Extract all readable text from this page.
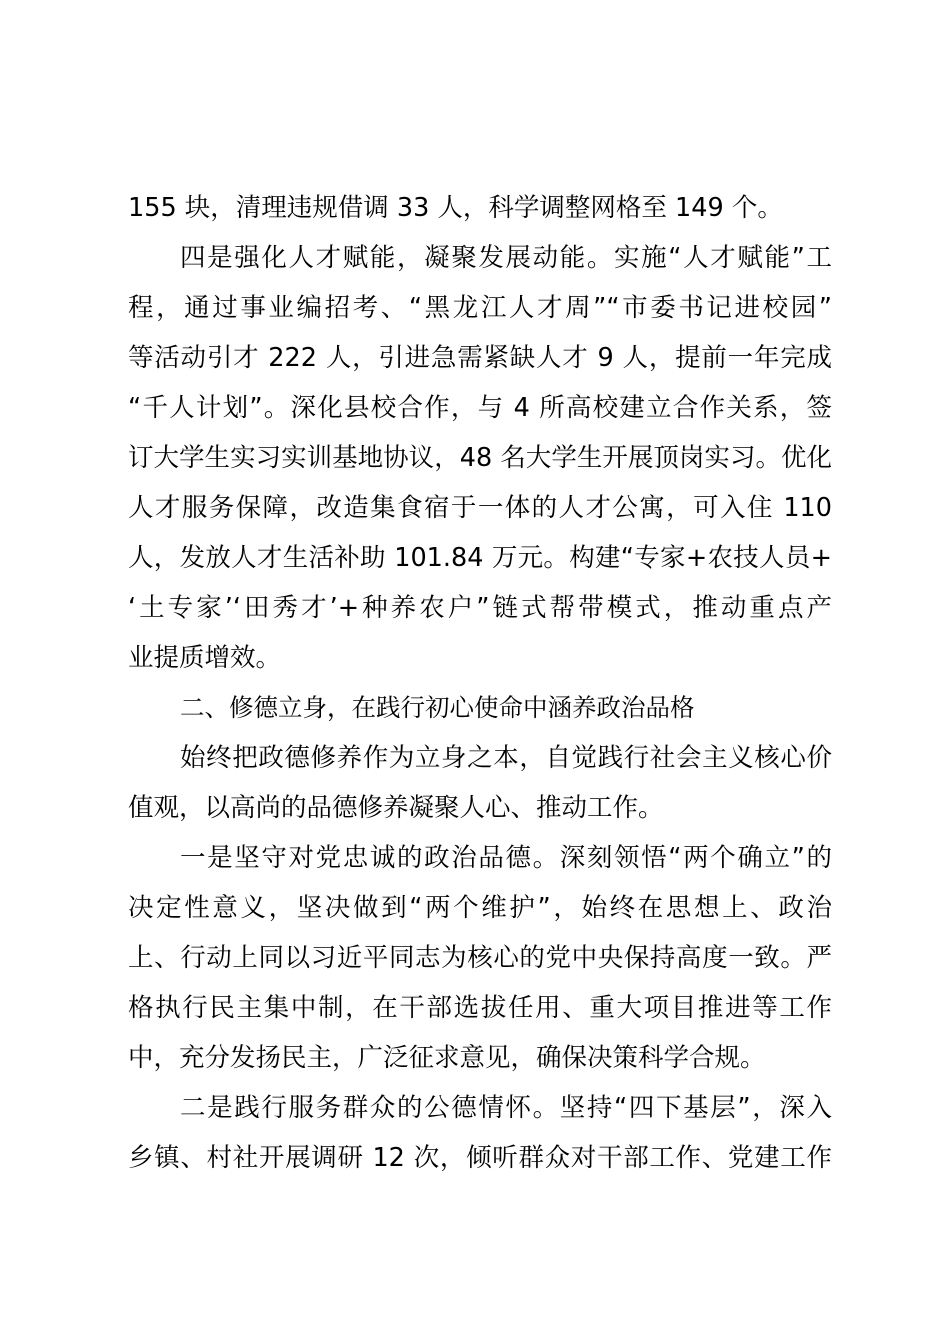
155 块，清理违规借调 33 人，科学调整网格至 149 个。
四是强化人才赋能，凝聚发展动能。实施“人才赋能”工
程，通过事业编招考、“黑龙江人才周”“市委书记进校园”
等活动引才 222 人，引进急需紧缺人才 9 人，提前一年完成
“千人计划”。深化县校合作，与 4 所高校建立合作关系，签
订大学生实习实训基地协议，48 名大学生开展顶岗实习。优化
人才服务保障，改造集食宿于一体的人才公寓，可入住 110
人，发放人才生活补助 101.84 万元。构建“专家+农技人员+
‘土专家’‘田秀才’+种养农户”链式帮带模式，推动重点产
业提质增效。
二、修德立身，在践行初心使命中涵养政治品格
始终把政德修养作为立身之本，自觉践行社会主义核心价
值观，以高尚的品德修养凝聚人心、推动工作。
一是坚守对党忠诚的政治品德。深刻领悟“两个确立”的
决定性意义，坚决做到“两个维护”，始终在思想上、政治
上、行动上同以习近平同志为核心的党中央保持高度一致。严
格执行民主集中制，在干部选拔任用、重大项目推进等工作
中，充分发扬民主，广泛征求意见，确保决策科学合规。
二是践行服务群众的公德情怀。坚持“四下基层”，深入
乡镇、村社开展调研 12 次，倾听群众对干部工作、党建工作
